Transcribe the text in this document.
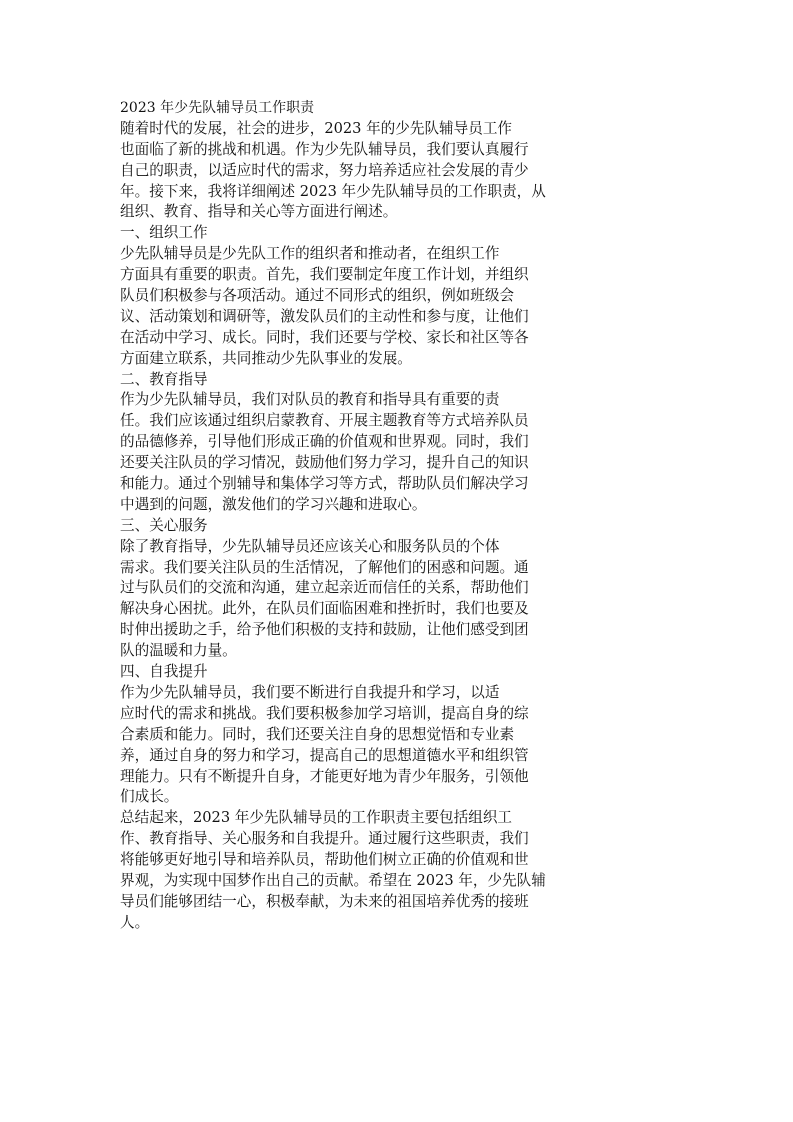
2023 年少先队辅导员工作职责
随着时代的发展，社会的进步，2023 年的少先队辅导员工作
也面临了新的挑战和机遇。作为少先队辅导员，我们要认真履行
自己的职责，以适应时代的需求，努力培养适应社会发展的青少
年。接下来，我将详细阐述 2023 年少先队辅导员的工作职责，从
组织、教育、指导和关心等方面进行阐述。
一、组织工作
少先队辅导员是少先队工作的组织者和推动者，在组织工作
方面具有重要的职责。首先，我们要制定年度工作计划，并组织
队员们积极参与各项活动。通过不同形式的组织，例如班级会
议、活动策划和调研等，激发队员们的主动性和参与度，让他们
在活动中学习、成长。同时，我们还要与学校、家长和社区等各
方面建立联系，共同推动少先队事业的发展。
二、教育指导
作为少先队辅导员，我们对队员的教育和指导具有重要的责
任。我们应该通过组织启蒙教育、开展主题教育等方式培养队员
的品德修养，引导他们形成正确的价值观和世界观。同时，我们
还要关注队员的学习情况，鼓励他们努力学习，提升自己的知识
和能力。通过个别辅导和集体学习等方式，帮助队员们解决学习
中遇到的问题，激发他们的学习兴趣和进取心。
三、关心服务
除了教育指导，少先队辅导员还应该关心和服务队员的个体
需求。我们要关注队员的生活情况，了解他们的困惑和问题。通
过与队员们的交流和沟通，建立起亲近而信任的关系，帮助他们
解决身心困扰。此外，在队员们面临困难和挫折时，我们也要及
时伸出援助之手，给予他们积极的支持和鼓励，让他们感受到团
队的温暖和力量。
四、自我提升
作为少先队辅导员，我们要不断进行自我提升和学习，以适
应时代的需求和挑战。我们要积极参加学习培训，提高自身的综
合素质和能力。同时，我们还要关注自身的思想觉悟和专业素
养，通过自身的努力和学习，提高自己的思想道德水平和组织管
理能力。只有不断提升自身，才能更好地为青少年服务，引领他
们成长。
总结起来，2023 年少先队辅导员的工作职责主要包括组织工
作、教育指导、关心服务和自我提升。通过履行这些职责，我们
将能够更好地引导和培养队员，帮助他们树立正确的价值观和世
界观，为实现中国梦作出自己的贡献。希望在 2023 年，少先队辅
导员们能够团结一心，积极奉献，为未来的祖国培养优秀的接班
人。
